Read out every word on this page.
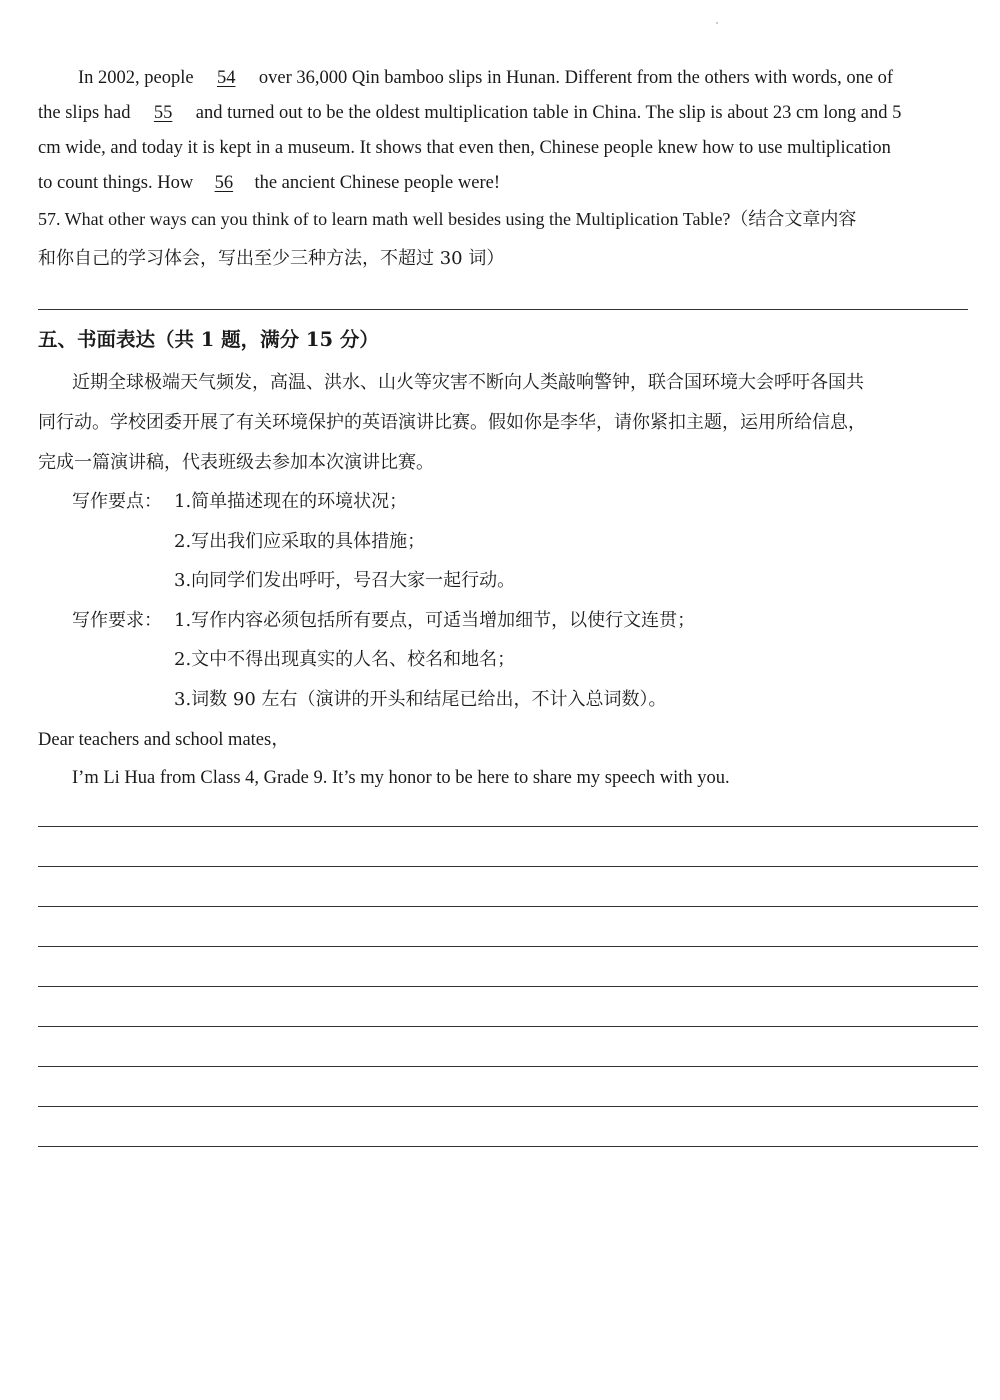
In 2002, people 54 over 36,000 Qin bamboo slips in Hunan. Different from the others with words, one of
the slips had 55 and turned out to be the oldest multiplication table in China. The slip is about 23 cm long and 5
cm wide, and today it is kept in a museum. It shows that even then, Chinese people knew how to use multiplication
to count things. How 56 the ancient Chinese people were!
57. What other ways can you think of to learn math well besides using the Multiplication Table?（结合文章内容
和你自己的学习体会，写出至少三种方法，不超过 30 词）
五、书面表达（共 1 题，满分 15 分）
近期全球极端天气频发，高温、洪水、山火等灾害不断向人类敲响警钟，联合国环境大会呼吁各国共
同行动。学校团委开展了有关环境保护的英语演讲比赛。假如你是李华，请你紧扣主题，运用所给信息，
完成一篇演讲稿，代表班级去参加本次演讲比赛。
写作要点： 1.简单描述现在的环境状况；
2.写出我们应采取的具体措施；
3.向同学们发出呼吁，号召大家一起行动。
写作要求： 1.写作内容必须包括所有要点，可适当增加细节，以使行文连贯；
2.文中不得出现真实的人名、校名和地名；
3.词数 90 左右（演讲的开头和结尾已给出，不计入总词数）。
Dear teachers and school mates，
I’m Li Hua from Class 4, Grade 9. It’s my honor to be here to share my speech with you.
